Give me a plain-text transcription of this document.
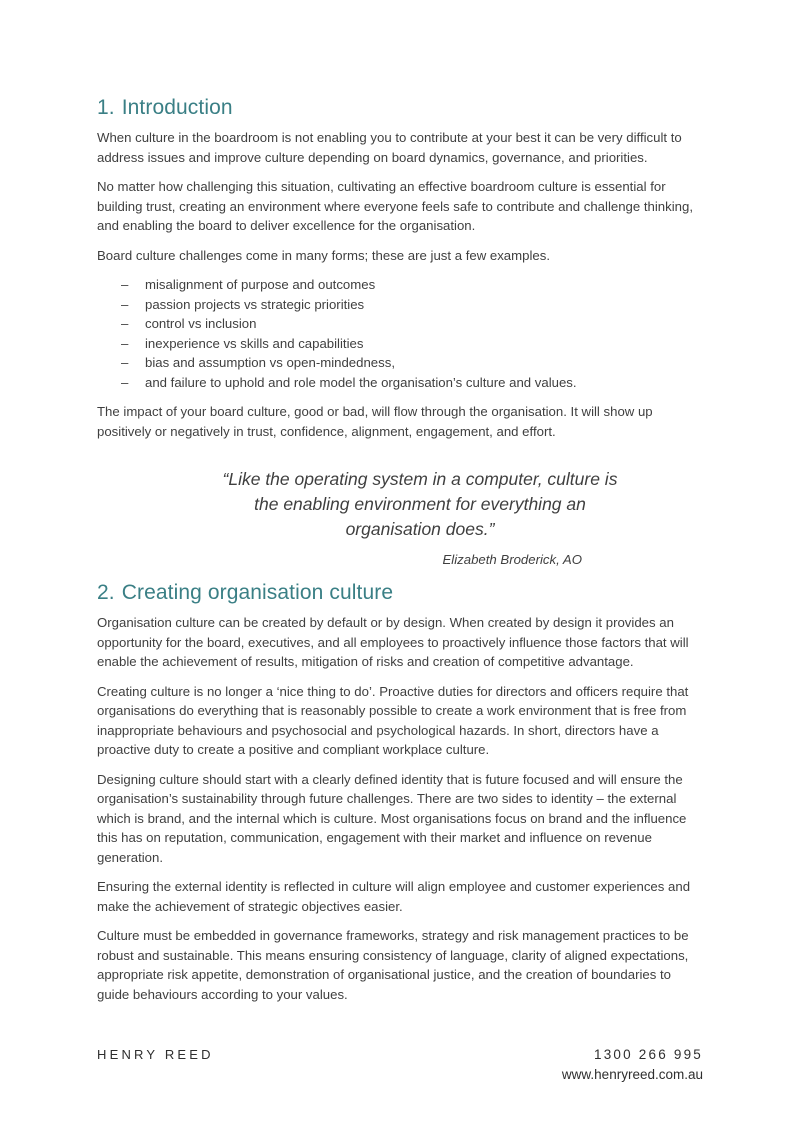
1. Introduction

When culture in the boardroom is not enabling you to contribute at your best it can be very difficult to address issues and improve culture depending on board dynamics, governance, and priorities.

No matter how challenging this situation, cultivating an effective boardroom culture is essential for building trust, creating an environment where everyone feels safe to contribute and challenge thinking, and enabling the board to deliver excellence for the organisation.

Board culture challenges come in many forms; these are just a few examples.

– misalignment of purpose and outcomes
– passion projects vs strategic priorities
– control vs inclusion
– inexperience vs skills and capabilities
– bias and assumption vs open-mindedness,
– and failure to uphold and role model the organisation’s culture and values.

The impact of your board culture, good or bad, will flow through the organisation. It will show up positively or negatively in trust, confidence, alignment, engagement, and effort.

“Like the operating system in a computer, culture is the enabling environment for everything an organisation does.”
Elizabeth Broderick, AO
2. Creating organisation culture

Organisation culture can be created by default or by design. When created by design it provides an opportunity for the board, executives, and all employees to proactively influence those factors that will enable the achievement of results, mitigation of risks and creation of competitive advantage.

Creating culture is no longer a ‘nice thing to do’. Proactive duties for directors and officers require that organisations do everything that is reasonably possible to create a work environment that is free from inappropriate behaviours and psychosocial and psychological hazards. In short, directors have a proactive duty to create a positive and compliant workplace culture.

Designing culture should start with a clearly defined identity that is future focused and will ensure the organisation’s sustainability through future challenges. There are two sides to identity – the external which is brand, and the internal which is culture. Most organisations focus on brand and the influence this has on reputation, communication, engagement with their market and influence on revenue generation.

Ensuring the external identity is reflected in culture will align employee and customer experiences and make the achievement of strategic objectives easier.

Culture must be embedded in governance frameworks, strategy and risk management practices to be robust and sustainable. This means ensuring consistency of language, clarity of aligned expectations, appropriate risk appetite, demonstration of organisational justice, and the creation of boundaries to guide behaviours according to your values.

HENRY REED	1300 266 995
www.henryreed.com.au
